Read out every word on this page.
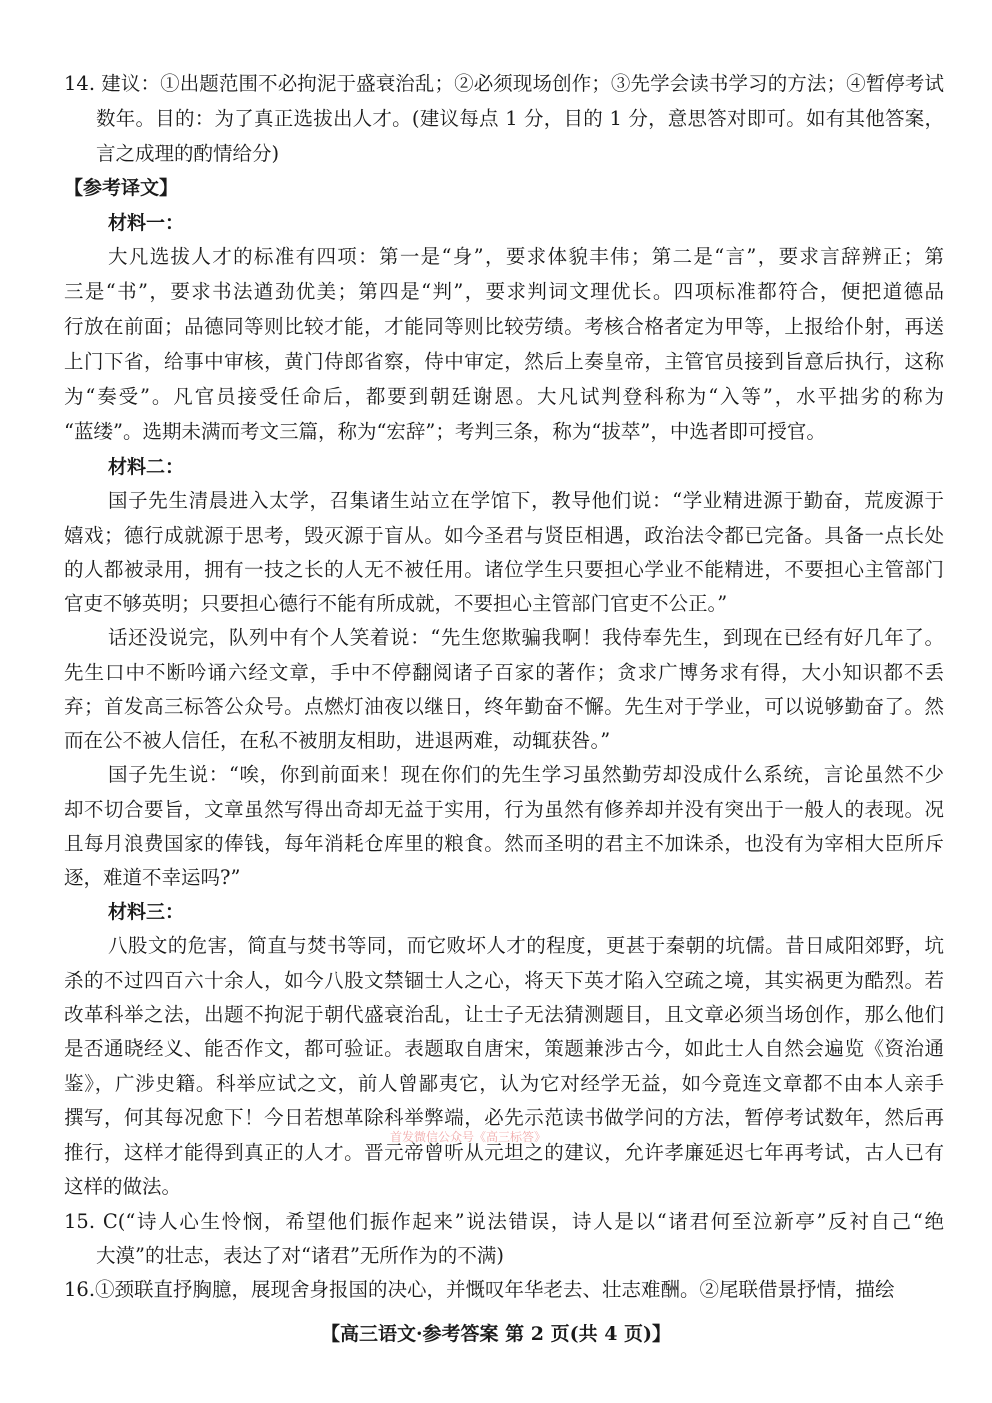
14. 建议：①出题范围不必拘泥于盛衰治乱；②必须现场创作；③先学会读书学习的方法；④暂停考试
数年。目的：为了真正选拔出人才。(建议每点 1 分，目的 1 分，意思答对即可。如有其他答案，
言之成理的酌情给分)
【参考译文】
材料一：
大凡选拔人才的标准有四项：第一是“身”，要求体貌丰伟；第二是“言”，要求言辞辨正；第
三是“书”，要求书法遒劲优美；第四是“判”，要求判词文理优长。四项标准都符合，便把道德品
行放在前面；品德同等则比较才能，才能同等则比较劳绩。考核合格者定为甲等，上报给仆射，再送
上门下省，给事中审核，黄门侍郎省察，侍中审定，然后上奏皇帝，主管官员接到旨意后执行，这称
为“奏受”。凡官员接受任命后，都要到朝廷谢恩。大凡试判登科称为“入等”，水平拙劣的称为
“蓝缕”。选期未满而考文三篇，称为“宏辞”；考判三条，称为“拔萃”，中选者即可授官。
材料二：
国子先生清晨进入太学，召集诸生站立在学馆下，教导他们说：“学业精进源于勤奋，荒废源于
嬉戏；德行成就源于思考，毁灭源于盲从。如今圣君与贤臣相遇，政治法令都已完备。具备一点长处
的人都被录用，拥有一技之长的人无不被任用。诸位学生只要担心学业不能精进，不要担心主管部门
官吏不够英明；只要担心德行不能有所成就，不要担心主管部门官吏不公正。”
话还没说完，队列中有个人笑着说：“先生您欺骗我啊！我侍奉先生，到现在已经有好几年了。
先生口中不断吟诵六经文章，手中不停翻阅诸子百家的著作；贪求广博务求有得，大小知识都不丢
弃；首发高三标答公众号。点燃灯油夜以继日，终年勤奋不懈。先生对于学业，可以说够勤奋了。然
而在公不被人信任，在私不被朋友相助，进退两难，动辄获咎。”
国子先生说：“唉，你到前面来！现在你们的先生学习虽然勤劳却没成什么系统，言论虽然不少
却不切合要旨，文章虽然写得出奇却无益于实用，行为虽然有修养却并没有突出于一般人的表现。况
且每月浪费国家的俸钱，每年消耗仓库里的粮食。然而圣明的君主不加诛杀，也没有为宰相大臣所斥
逐，难道不幸运吗?”
材料三：
八股文的危害，简直与焚书等同，而它败坏人才的程度，更甚于秦朝的坑儒。昔日咸阳郊野，坑
杀的不过四百六十余人，如今八股文禁锢士人之心，将天下英才陷入空疏之境，其实祸更为酷烈。若
改革科举之法，出题不拘泥于朝代盛衰治乱，让士子无法猜测题目，且文章必须当场创作，那么他们
是否通晓经义、能否作文，都可验证。表题取自唐宋，策题兼涉古今，如此士人自然会遍览《资治通
鉴》，广涉史籍。科举应试之文，前人曾鄙夷它，认为它对经学无益，如今竟连文章都不由本人亲手
撰写，何其每况愈下！今日若想革除科举弊端，必先示范读书做学问的方法，暂停考试数年，然后再
推行，这样才能得到真正的人才。晋元帝曾听从元坦之的建议，允许孝廉延迟七年再考试，古人已有
这样的做法。
首发微信公众号《高三标答》
15. C(“诗人心生怜悯，希望他们振作起来”说法错误，诗人是以“诸君何至泣新亭”反衬自己“绝
大漠”的壮志，表达了对“诸君”无所作为的不满)
16.①颈联直抒胸臆，展现舍身报国的决心，并慨叹年华老去、壮志难酬。②尾联借景抒情，描绘
【高三语文·参考答案 第 2 页(共 4 页)】
